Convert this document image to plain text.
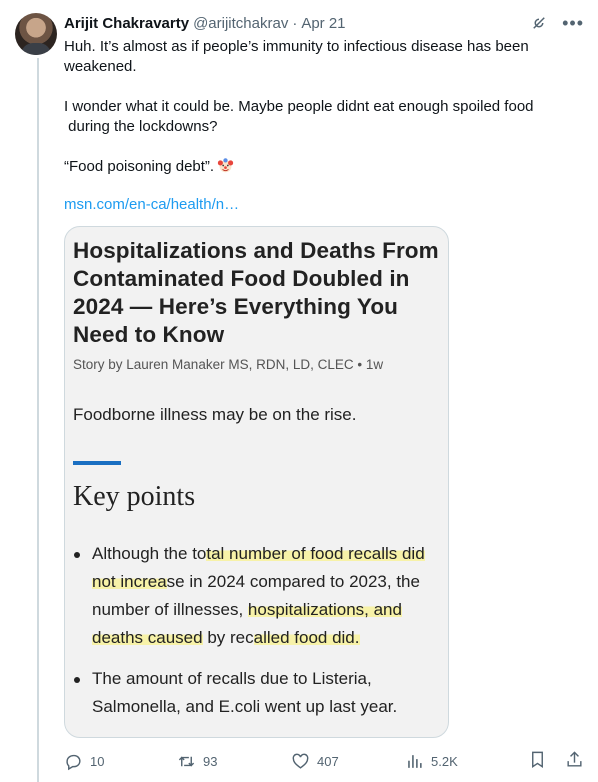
Arijit Chakravarty @arijitchakrav · Apr 21	•••
Huh. It’s almost as if people’s immunity to infectious disease has been weakened.

I wonder what it could be. Maybe people didnt eat enough spoiled food
during the lockdowns?

“Food poisoning debt”.
msn.com/en-ca/health/n…
Hospitalizations and Deaths From Contaminated Food Doubled in 2024 — Here’s Everything You Need to Know
Story by Lauren Manaker MS, RDN, LD, CLEC • 1w
Foodborne illness may be on the rise.
Key points
Although the total number of food recalls did not increase in 2024 compared to 2023, the number of illnesses, hospitalizations, and deaths caused by recalled food did.
The amount of recalls due to Listeria, Salmonella, and E.coli went up last year.
10	93	407	5.2K
